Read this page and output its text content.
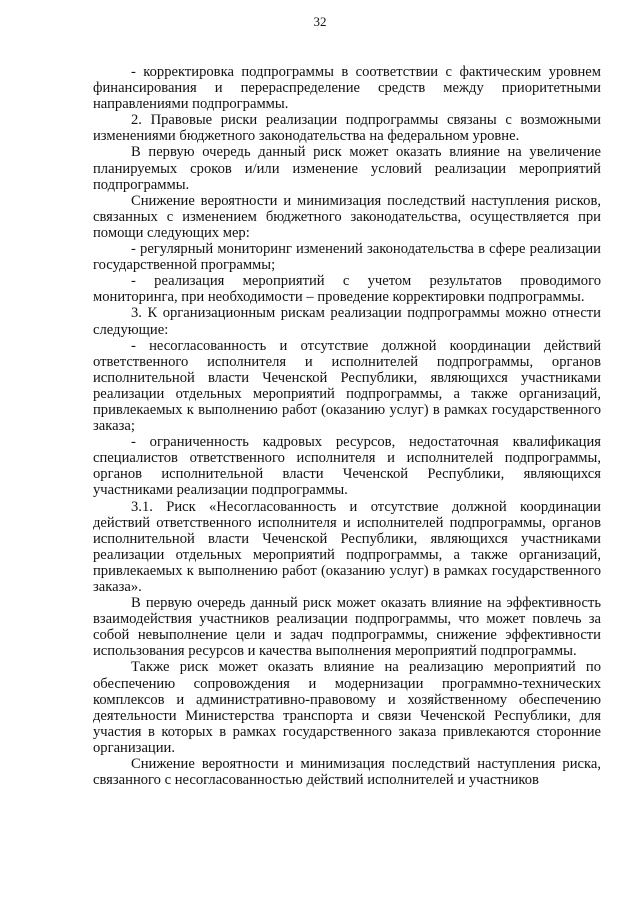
32

- корректировка подпрограммы в соответствии с фактическим уровнем финансирования и перераспределение средств между приоритетными направлениями подпрограммы.

2. Правовые риски реализации подпрограммы связаны с возможными изменениями бюджетного законодательства на федеральном уровне.

В первую очередь данный риск может оказать влияние на увеличение планируемых сроков и/или изменение условий реализации мероприятий подпрограммы.

Снижение вероятности и минимизация последствий наступления рисков, связанных с изменением бюджетного законодательства, осуществляется при помощи следующих мер:

- регулярный мониторинг изменений законодательства в сфере реализации государственной программы;

- реализация мероприятий с учетом результатов проводимого мониторинга, при необходимости – проведение корректировки подпрограммы.

3. К организационным рискам реализации подпрограммы можно отнести следующие:

- несогласованность и отсутствие должной координации действий ответственного исполнителя и исполнителей подпрограммы, органов исполнительной власти Чеченской Республики, являющихся участниками реализации отдельных мероприятий подпрограммы, а также организаций, привлекаемых к выполнению работ (оказанию услуг) в рамках государственного заказа;

- ограниченность кадровых ресурсов, недостаточная квалификация специалистов ответственного исполнителя и исполнителей подпрограммы, органов исполнительной власти Чеченской Республики, являющихся участниками реализации подпрограммы.

3.1. Риск «Несогласованность и отсутствие должной координации действий ответственного исполнителя и исполнителей подпрограммы, органов исполнительной власти Чеченской Республики, являющихся участниками реализации отдельных мероприятий подпрограммы, а также организаций, привлекаемых к выполнению работ (оказанию услуг) в рамках государственного заказа».

В первую очередь данный риск может оказать влияние на эффективность взаимодействия участников реализации подпрограммы, что может повлечь за собой невыполнение цели и задач подпрограммы, снижение эффективности использования ресурсов и качества выполнения мероприятий подпрограммы.

Также риск может оказать влияние на реализацию мероприятий по обеспечению сопровождения и модернизации программно-технических комплексов и административно-правовому и хозяйственному обеспечению деятельности Министерства транспорта и связи Чеченской Республики, для участия в которых в рамках государственного заказа привлекаются сторонние организации.

Снижение вероятности и минимизация последствий наступления риска, связанного с несогласованностью действий исполнителей и участников
